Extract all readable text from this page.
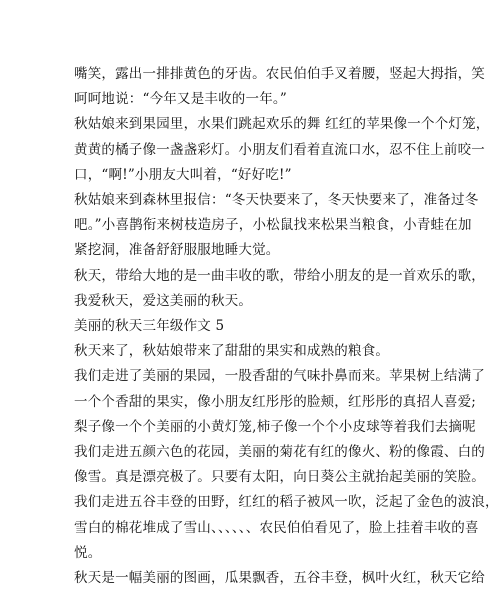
嘴笑，露出一排排黄色的牙齿。农民伯伯手叉着腰，竖起大拇指，笑
呵呵地说：“今年又是丰收的一年。”

秋姑娘来到果园里，水果们跳起欢乐的舞 红红的苹果像一个个灯笼，
黄黄的橘子像一盏盏彩灯。小朋友们看着直流口水，忍不住上前咬一
口，“啊!”小朋友大叫着，“好好吃!”

秋姑娘来到森林里报信：“冬天快要来了，冬天快要来了，准备过冬
吧。”小喜鹊衔来树枝造房子，小松鼠找来松果当粮食，小青蛙在加
紧挖洞，准备舒舒服服地睡大觉。

秋天，带给大地的是一曲丰收的歌，带给小朋友的是一首欢乐的歌，
我爱秋天，爱这美丽的秋天。

美丽的秋天三年级作文 5

秋天来了，秋姑娘带来了甜甜的果实和成熟的粮食。

我们走进了美丽的果园，一股香甜的气味扑鼻而来。苹果树上结满了
一个个香甜的果实，像小朋友红彤彤的脸颊，红彤彤的真招人喜爱;
梨子像一个个美丽的小黄灯笼,柿子像一个个小皮球等着我们去摘呢
我们走进五颜六色的花园，美丽的菊花有红的像火、粉的像霞、白的
像雪。真是漂亮极了。只要有太阳，向日葵公主就抬起美丽的笑脸。
我们走进五谷丰登的田野，红红的稻子被风一吹，泛起了金色的波浪，
雪白的棉花堆成了雪山、、、、、、农民伯伯看见了，脸上挂着丰收的喜
悦。

秋天是一幅美丽的图画，瓜果飘香，五谷丰登，枫叶火红，秋天它给
